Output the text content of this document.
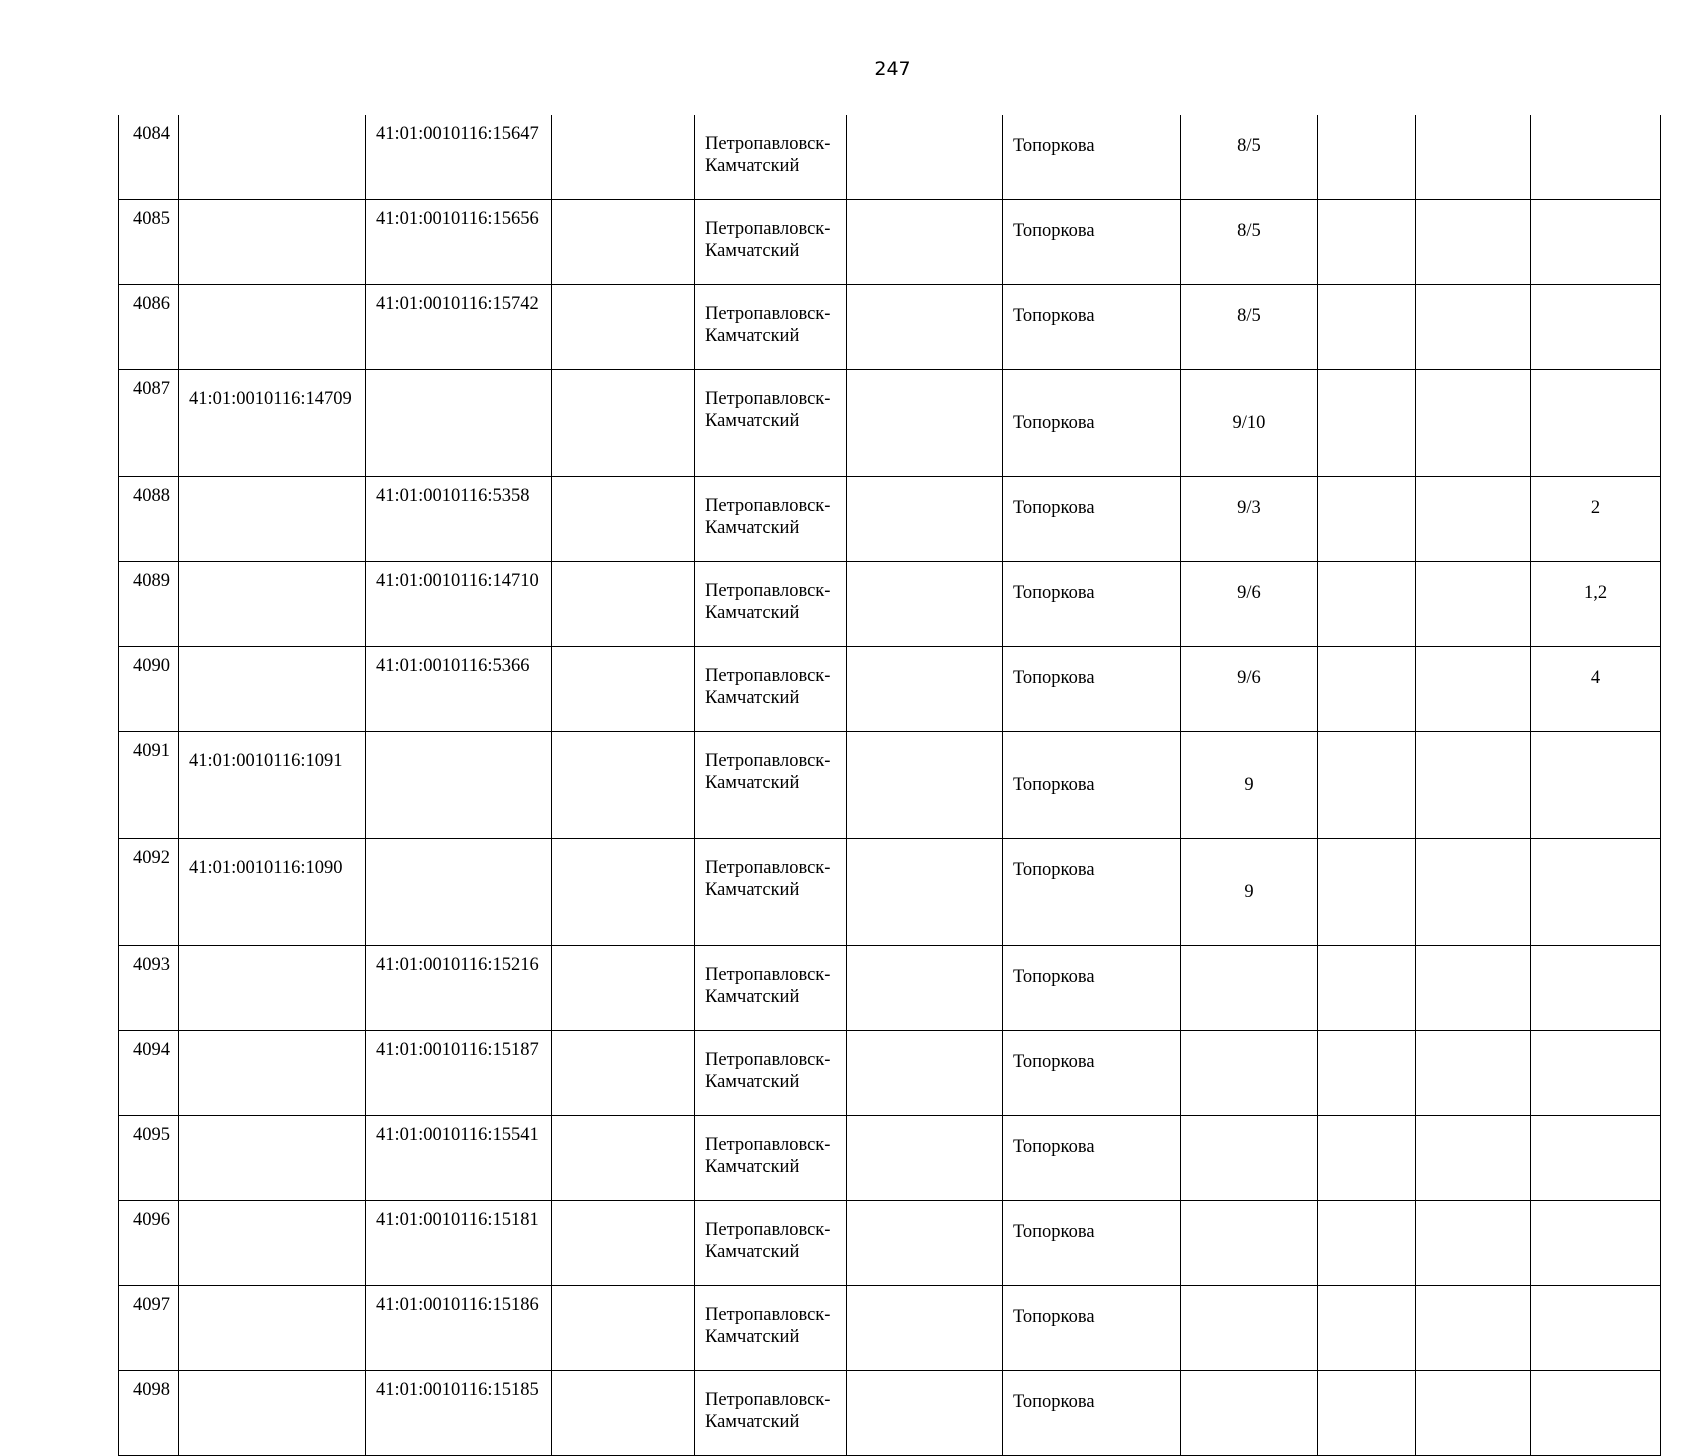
247
4084		41:01:0010116:15647		Петропавловск-Камчатский		Топоркова	8/5			
4085		41:01:0010116:15656		Петропавловск-Камчатский		Топоркова	8/5			
4086		41:01:0010116:15742		Петропавловск-Камчатский		Топоркова	8/5			
4087	41:01:0010116:14709			Петропавловск-Камчатский		Топоркова	9/10			
4088		41:01:0010116:5358		Петропавловск-Камчатский		Топоркова	9/3			2
4089		41:01:0010116:14710		Петропавловск-Камчатский		Топоркова	9/6			1,2
4090		41:01:0010116:5366		Петропавловск-Камчатский		Топоркова	9/6			4
4091	41:01:0010116:1091			Петропавловск-Камчатский		Топоркова	9			
4092	41:01:0010116:1090			Петропавловск-Камчатский		Топоркова	9			
4093		41:01:0010116:15216		Петропавловск-Камчатский		Топоркова				
4094		41:01:0010116:15187		Петропавловск-Камчатский		Топоркова				
4095		41:01:0010116:15541		Петропавловск-Камчатский		Топоркова				
4096		41:01:0010116:15181		Петропавловск-Камчатский		Топоркова				
4097		41:01:0010116:15186		Петропавловск-Камчатский		Топоркова				
4098		41:01:0010116:15185		Петропавловск-Камчатский		Топоркова				
